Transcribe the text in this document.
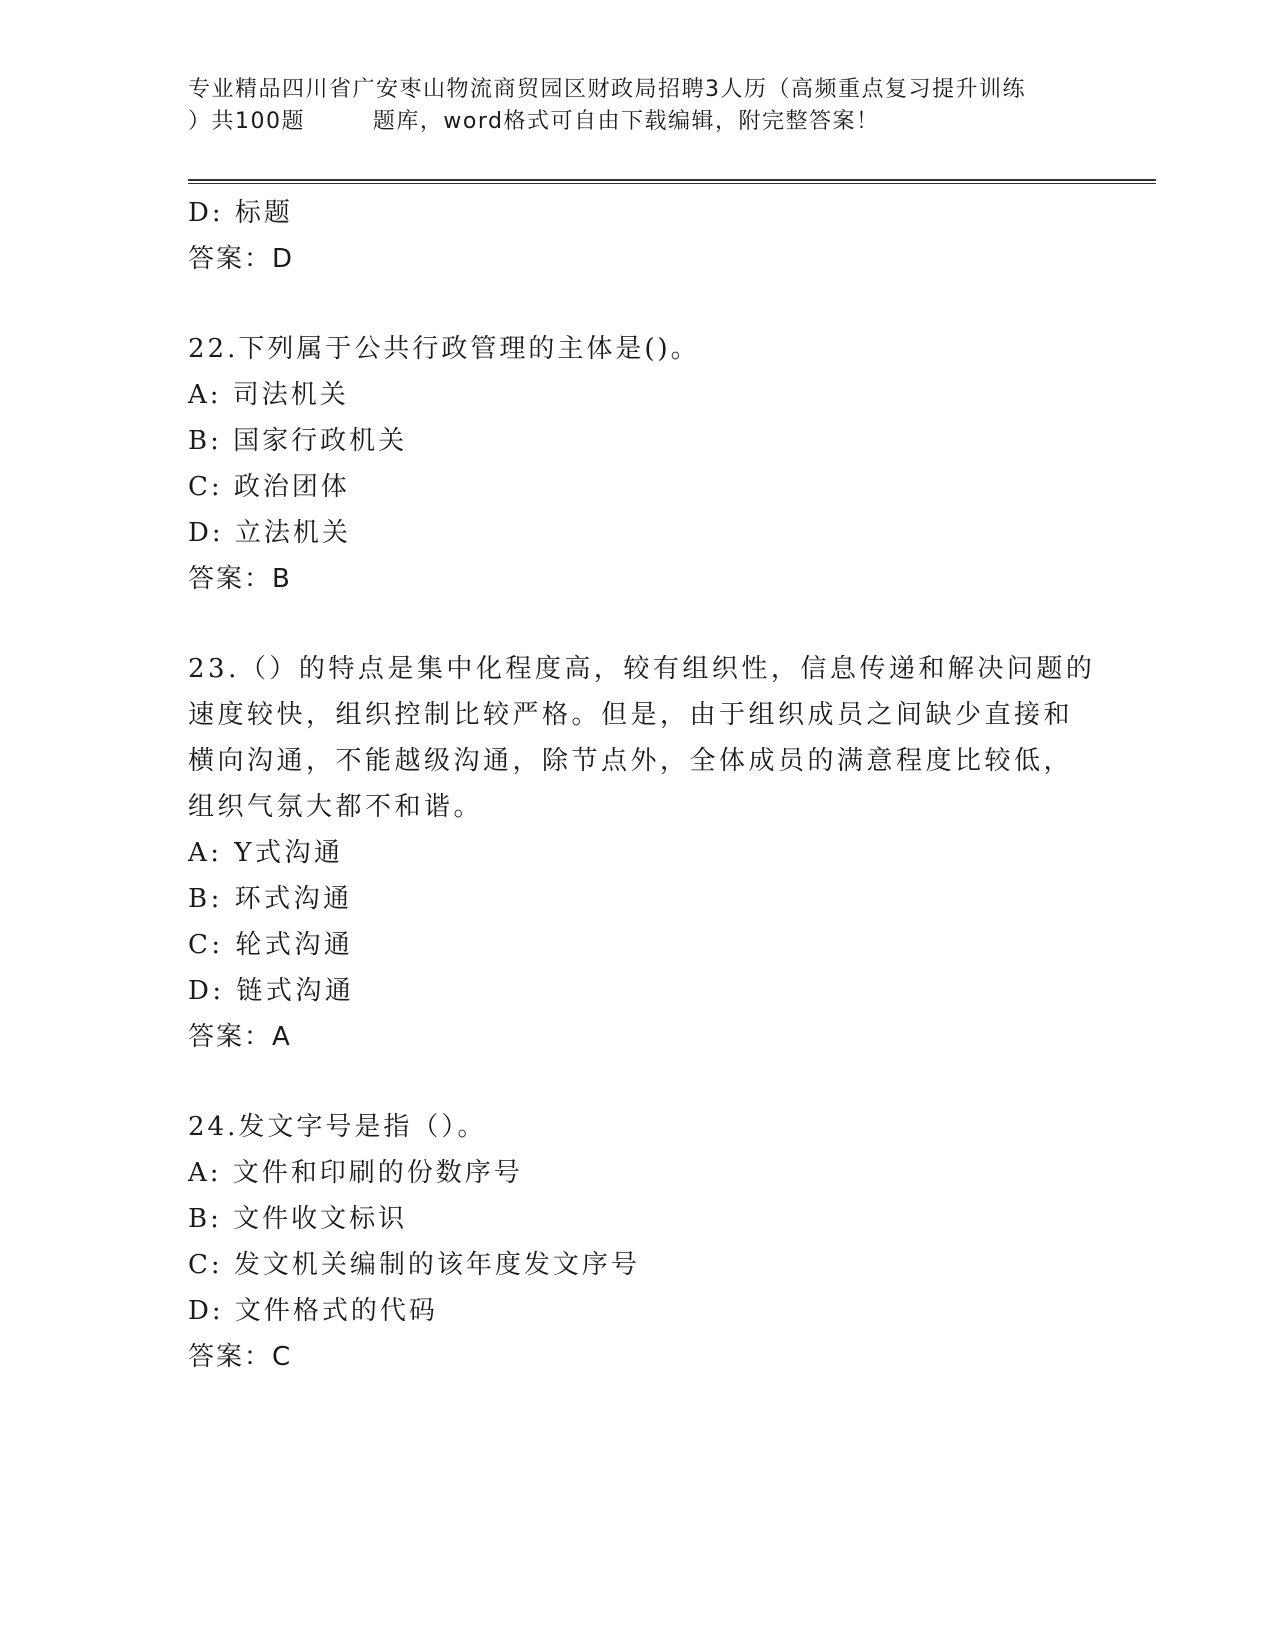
专业精品四川省广安枣山物流商贸园区财政局招聘3人历（高频重点复习提升训练
）共100题        题库，word格式可自由下载编辑，附完整答案！
D: 标题
答案：D
22.下列属于公共行政管理的主体是()。
A: 司法机关
B: 国家行政机关
C: 政治团体
D: 立法机关
答案：B
23.（）的特点是集中化程度高，较有组织性，信息传递和解决问题的
速度较快，组织控制比较严格。但是，由于组织成员之间缺少直接和
横向沟通，不能越级沟通，除节点外，全体成员的满意程度比较低，
组织气氛大都不和谐。
A: Y式沟通
B: 环式沟通
C: 轮式沟通
D: 链式沟通
答案：A
24.发文字号是指（）。
A: 文件和印刷的份数序号
B: 文件收文标识
C: 发文机关编制的该年度发文序号
D: 文件格式的代码
答案：C
